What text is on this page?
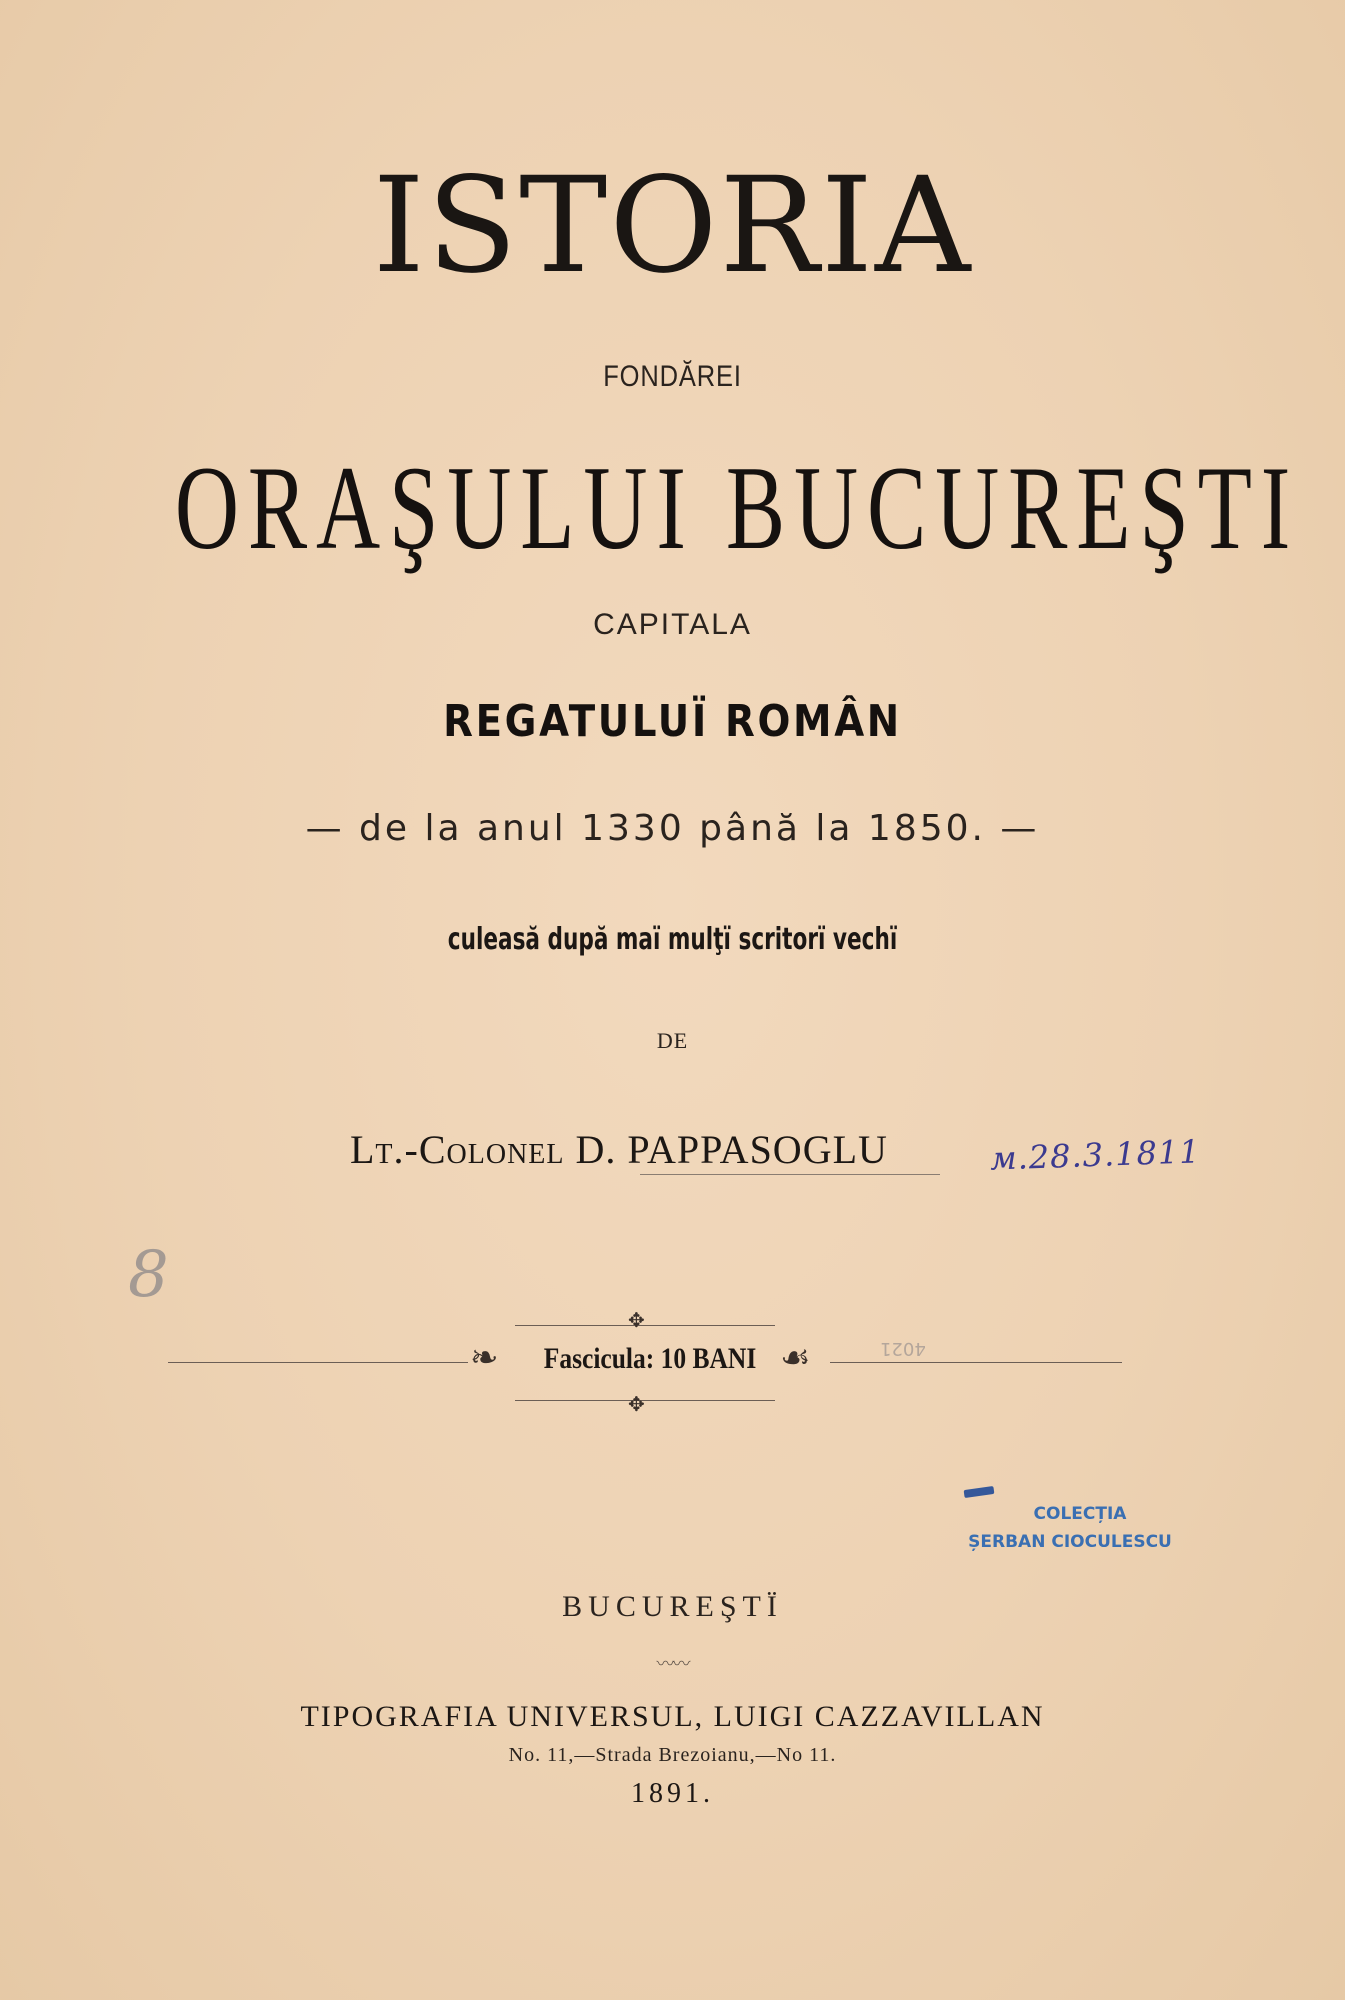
ISTORIA
FONDĂREI
ORAŞULUI BUCUREŞTI
CAPITALA
REGATULUÏ ROMÂN
— de la anul 1330 până la 1850. —
culeasă după maï mulţï scritorï vechï
DE
Lt.-Colonel D. PAPPASOGLU	м.28.3.1811
8
✥
✥
❧	☙
Fascicula: 10 BANI	4021
COLECȚIA
ȘERBAN CIOCULESCU
BUCUREŞTÏ
〰〰
TIPOGRAFIA UNIVERSUL, LUIGI CAZZAVILLAN
No. 11,—Strada Brezoianu,—No 11.
1891.
